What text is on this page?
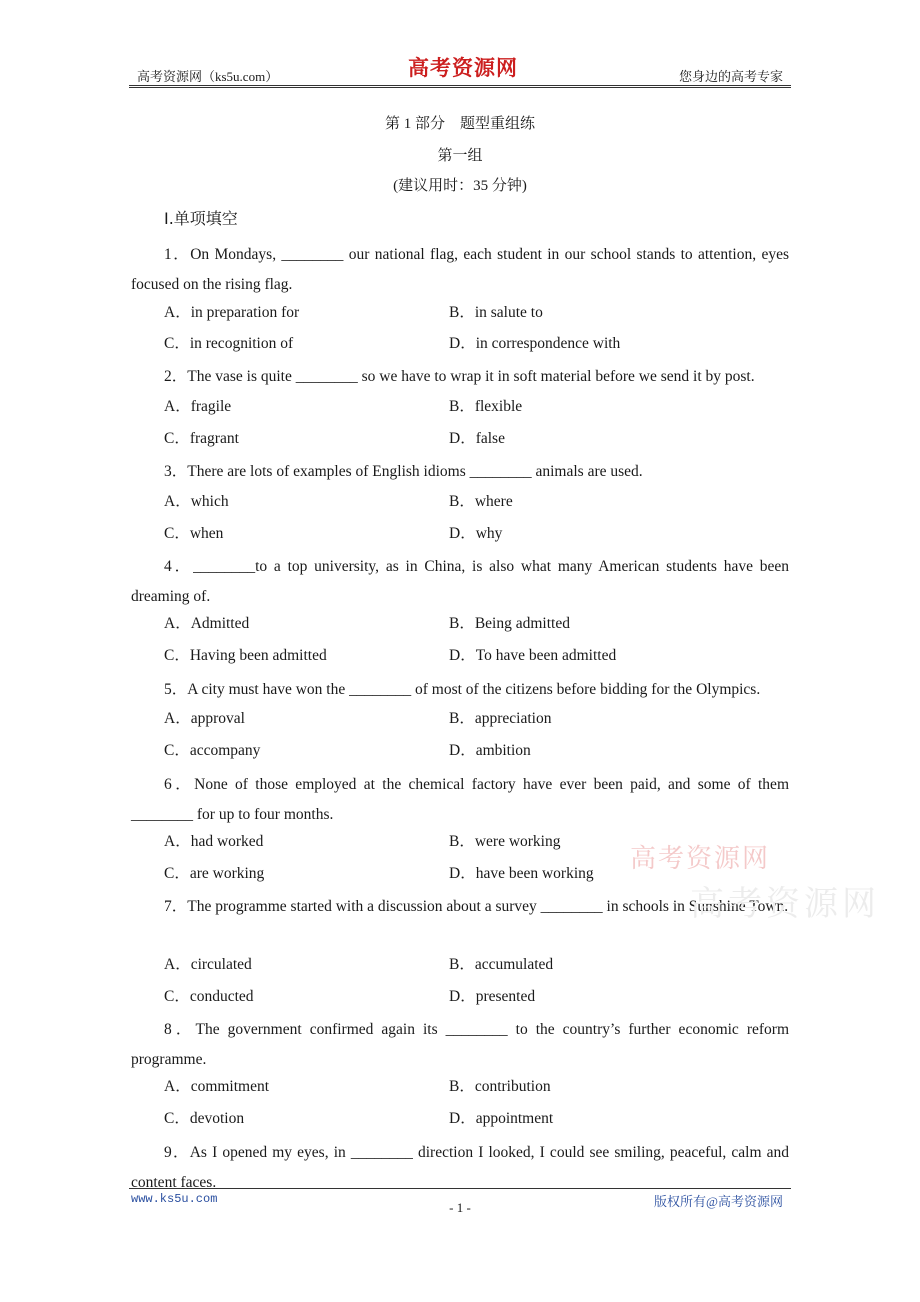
高考资源网（ks5u.com）	高考资源网	您身边的高考专家
第 1 部分　题型重组练
第一组
(建议用时：35 分钟)
Ⅰ.单项填空
1．On Mondays, ________ our national flag, each student in our school stands to attention, eyes focused on the rising flag.
A．in preparation for	B．in salute to
C．in recognition of	D．in correspondence with
2．The vase is quite ________ so we have to wrap it in soft material before we send it by post.
A．fragile	B．flexible
C．fragrant	D．false
3．There are lots of examples of English idioms ________ animals are used.
A．which	B．where
C．when	D．why
4．________to a top university, as in China, is also what many American students have been dreaming of.
A．Admitted	B．Being admitted
C．Having been admitted	D．To have been admitted
5．A city must have won the ________ of most of the citizens before bidding for the Olympics.
A．approval	B．appreciation
C．accompany	D．ambition
6．None of those employed at the chemical factory have ever been paid, and some of them ________ for up to four months.
A．had worked	B．were working
C．are working	D．have been working
7．The programme started with a discussion about a survey ________ in schools in Sunshine Town.
A．circulated	B．accumulated
C．conducted	D．presented
8．The government confirmed again its ________ to the country’s further economic reform programme.
A．commitment	B．contribution
C．devotion	D．appointment
9．As I opened my eyes, in ________ direction I looked, I could see smiling, peaceful, calm and content faces.
高考资源网
高考资源网
www.ks5u.com	版权所有@高考资源网
- 1 -
